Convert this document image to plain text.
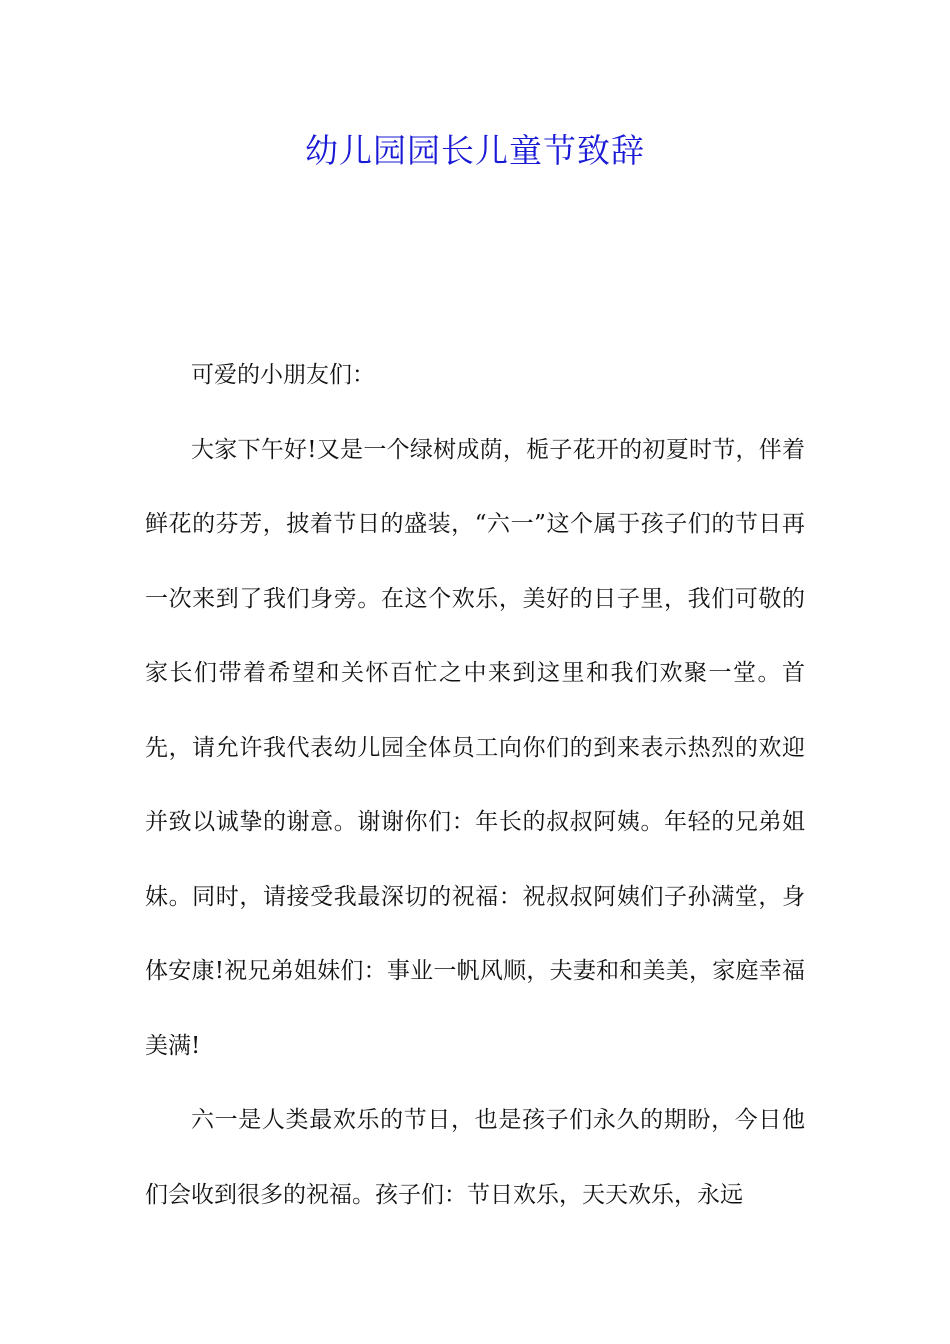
幼儿园园长儿童节致辞

可爱的小朋友们：

大家下午好!又是一个绿树成荫，栀子花开的初夏时节，伴着鲜花的芬芳，披着节日的盛装，“六一”这个属于孩子们的节日再一次来到了我们身旁。在这个欢乐，美好的日子里，我们可敬的家长们带着希望和关怀百忙之中来到这里和我们欢聚一堂。首先，请允许我代表幼儿园全体员工向你们的到来表示热烈的欢迎并致以诚挚的谢意。谢谢你们：年长的叔叔阿姨。年轻的兄弟姐妹。同时，请接受我最深切的祝福：祝叔叔阿姨们子孙满堂，身体安康!祝兄弟姐妹们：事业一帆风顺，夫妻和和美美，家庭幸福美满!

六一是人类最欢乐的节日，也是孩子们永久的期盼，今日他们会收到很多的祝福。孩子们：节日欢乐，天天欢乐，永远
